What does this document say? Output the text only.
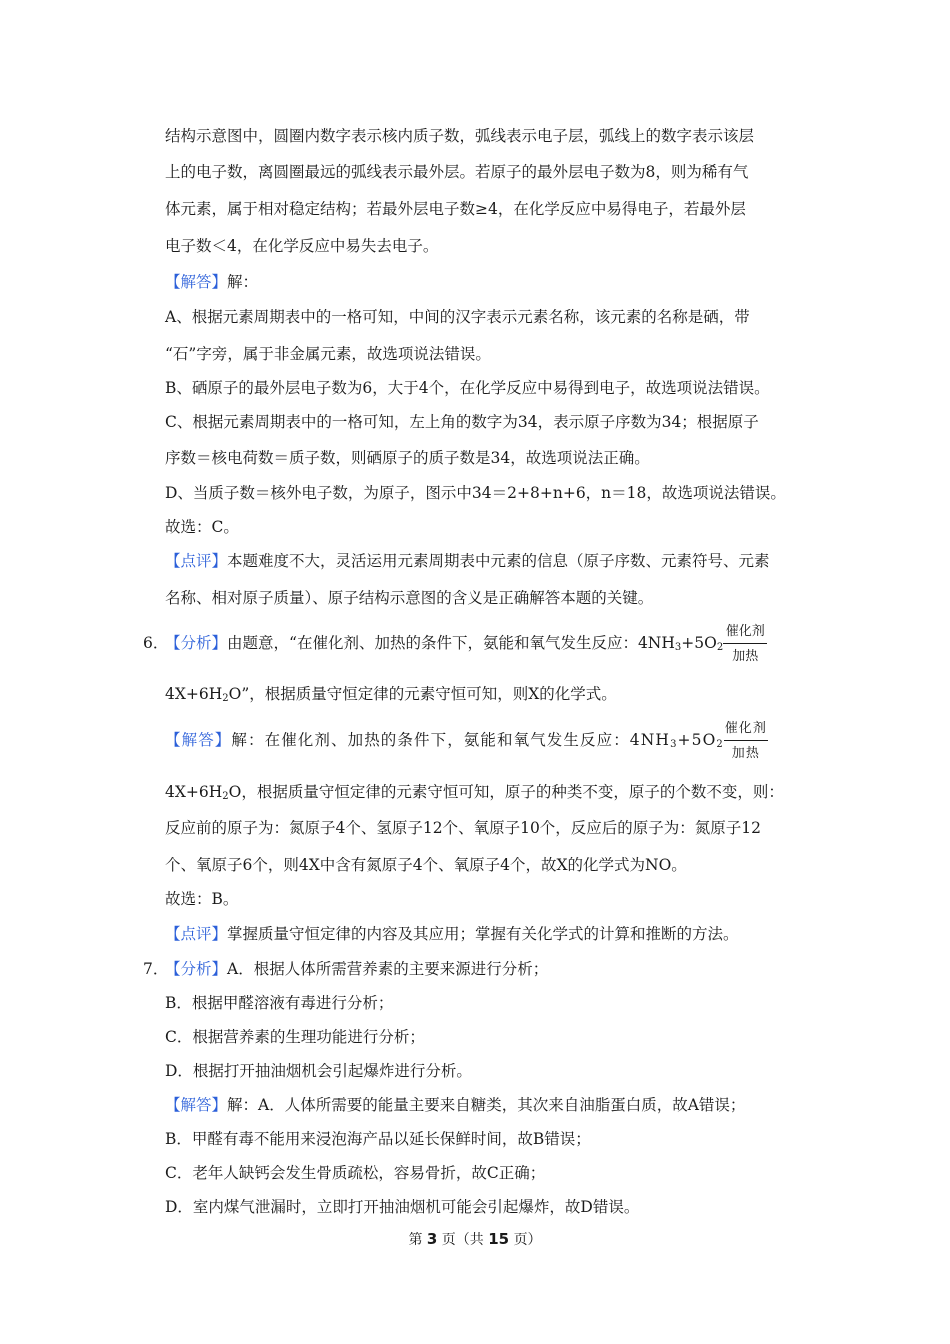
结构示意图中，圆圈内数字表示核内质子数，弧线表示电子层，弧线上的数字表示该层
上的电子数，离圆圈最远的弧线表示最外层。若原子的最外层电子数为8，则为稀有气
体元素，属于相对稳定结构；若最外层电子数≥4，在化学反应中易得电子，若最外层
电子数＜4，在化学反应中易失去电子。
【解答】解：
A、根据元素周期表中的一格可知，中间的汉字表示元素名称，该元素的名称是硒，带
“石”字旁，属于非金属元素，故选项说法错误。
B、硒原子的最外层电子数为6，大于4个，在化学反应中易得到电子，故选项说法错误。
C、根据元素周期表中的一格可知，左上角的数字为34，表示原子序数为34；根据原子
序数＝核电荷数＝质子数，则硒原子的质子数是34，故选项说法正确。
D、当质子数＝核外电子数，为原子，图示中34＝2+8+n+6，n＝18，故选项说法错误。
故选：C。
【点评】本题难度不大，灵活运用元素周期表中元素的信息（原子序数、元素符号、元素
名称、相对原子质量）、原子结构示意图的含义是正确解答本题的关键。
6．
【分析】由题意，“在催化剂、加热的条件下，氨能和氧气发生反应：$4NH_3+5O_2$
催化剂
加热
$4X+6H_2O$”，根据质量守恒定律的元素守恒可知，则X的化学式。
【解答】解：在催化剂、加热的条件下，氨能和氧气发生反应：$4NH_3+5O_2$
催化剂
加热
$4X+6H_2O$，根据质量守恒定律的元素守恒可知，原子的种类不变，原子的个数不变，则：
反应前的原子为：氮原子4个、氢原子12个、氧原子10个，反应后的原子为：氮原子12
个、氧原子6个，则4X中含有氮原子4个、氧原子4个，故X的化学式为NO。
故选：B。
【点评】掌握质量守恒定律的内容及其应用；掌握有关化学式的计算和推断的方法。
7．
【分析】A．根据人体所需营养素的主要来源进行分析；
B．根据甲醛溶液有毒进行分析；
C．根据营养素的生理功能进行分析；
D．根据打开抽油烟机会引起爆炸进行分析。
【解答】解：A．人体所需要的能量主要来自糖类，其次来自油脂蛋白质，故A错误；
B．甲醛有毒不能用来浸泡海产品以延长保鲜时间，故B错误；
C．老年人缺钙会发生骨质疏松，容易骨折，故C正确；
D．室内煤气泄漏时，立即打开抽油烟机可能会引起爆炸，故D错误。
第 3 页（共 15 页）
